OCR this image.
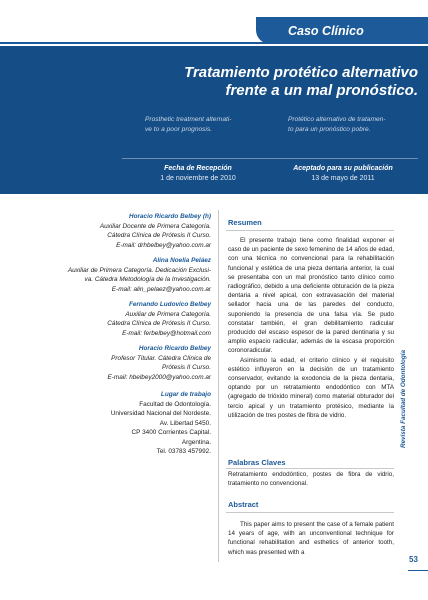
Caso Clínico
Tratamiento protético alternativo
frente a un mal pronóstico.
Prosthetic treatment alternati-
ve to a poor prognosis.
Protético alternativo de tratamen-
to para un pronóstico pobre.
Fecha de Recepción
1 de noviembre de 2010
Aceptado para su publicación
13 de mayo de 2011
Horacio Ricardo Belbey (h)
Auxiliar Docente de Primera Categoría.
Cátedra Clínica de Prótesis II Curso.
E-mail: drhbelbey@yahoo.com.ar
Alina Noelia Peláez
Auxiliar de Primera Categoría. Dedicación Exclusi-
va. Cátedra Metodología de la Investigación.
E-mail: alin_pelaez@yahoo.com.ar
Fernando Ludovico Belbey
Auxiliar de Primera Categoría.
Cátedra Clínica de Prótesis II Curso.
E-mail: ferbelbey@hotmail.com
Horacio Ricardo Belbey
Profesor Titular. Cátedra Clínica de
Prótesis II Curso.
E-mail: hbelbey2000@yahoo.com.ar
Lugar de trabajo
Facultad de Odontología.
Universidad Nacional del Nordeste.
Av. Libertad 5450.
CP 3400 Corrientes Capital.
Argentina.
Tel. 03783 457992.
Resumen

El presente trabajo tiene como finalidad exponer el caso de un paciente de sexo femenino de 14 años de edad, con una técnica no convencional para la rehabilitación funcional y estética de una pieza dentaria anterior, la cual se presentaba con un mal pronóstico tanto clínico como radiográfico, debido a una deficiente obturación de la pieza dentaria a nivel apical, con extravasación del material sellador hacia una de las paredes del conducto, suponiendo la presencia de una falsa vía. Se pudo constatar también, el gran debilitamiento radicular producido del escaso espesor de la pared dentinaria y su amplio espacio radicular, además de la escasa proporción coronoradicular.

Asimismo la edad, el criterio clínico y el requisito estético influyeron en la decisión de un tratamiento conservador, evitando la exodoncia de la pieza dentaria, optando por un retratamiento endodóntico con MTA (agregado de trióxido mineral) como material obturador del tercio apical y un tratamiento protésico, mediante la utilización de tres postes de fibra de vidrio.

Palabras Claves
Retratamiento endodóntico, postes de fibra de vidrio, tratamiento no convencional.
Abstract

This paper aims to present the case of a female patient 14 years of age, with an unconventional technique for functional rehabilitation and esthetics of anterior tooth, which was presented with a

Revista Facultad de Odontología
53
